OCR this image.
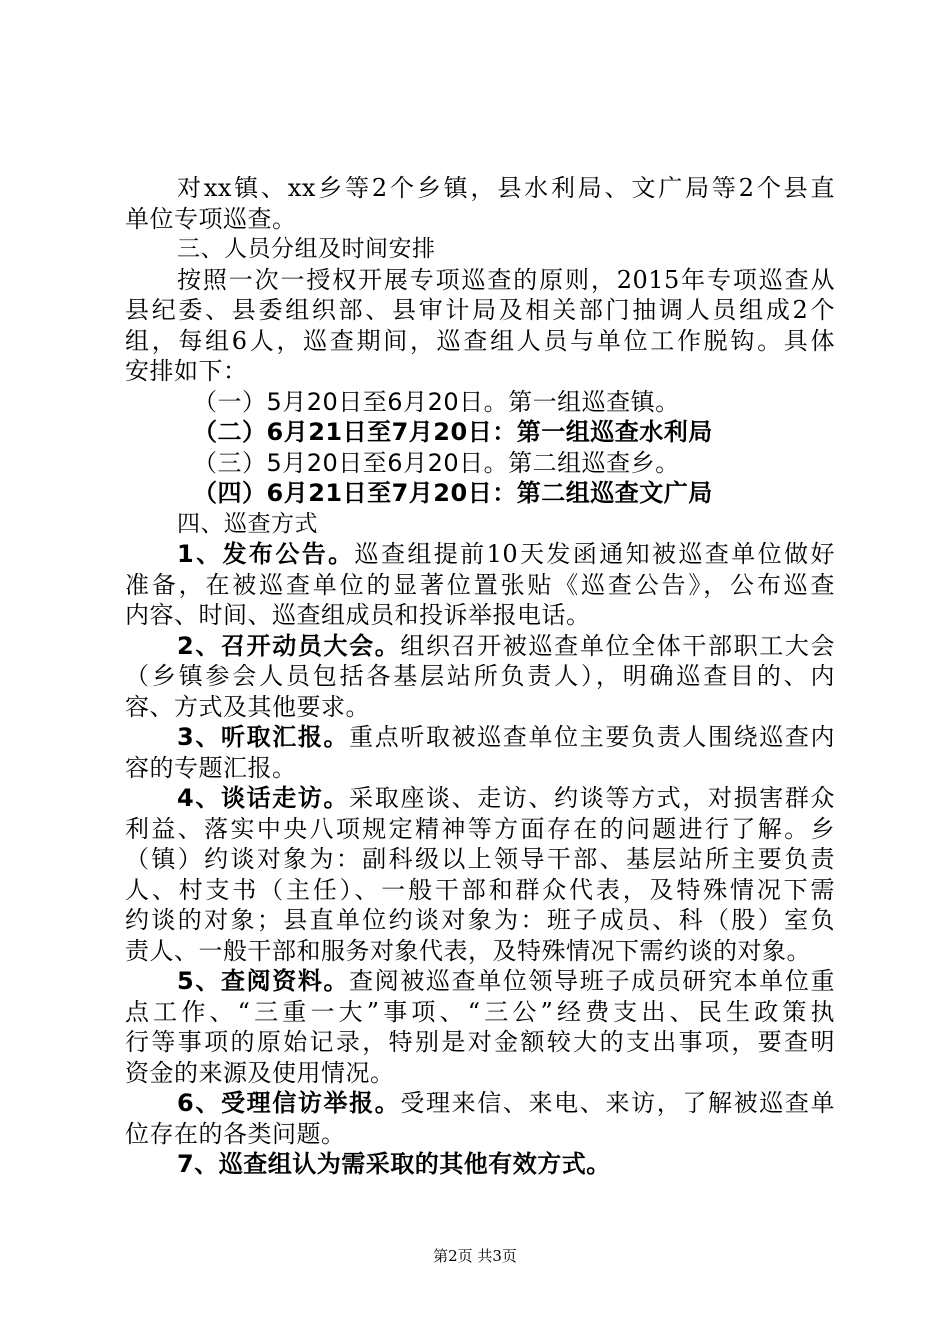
对xx镇、xx乡等2个乡镇，县水利局、文广局等2个县直
单位专项巡查。
三、人员分组及时间安排
按照一次一授权开展专项巡查的原则，2015年专项巡查从
县纪委、县委组织部、县审计局及相关部门抽调人员组成2个
组，每组6人，巡查期间，巡查组人员与单位工作脱钩。具体
安排如下：
（一）5月20日至6月20日。第一组巡查镇。
（二）6月21日至7月20日：第一组巡查水利局
（三）5月20日至6月20日。第二组巡查乡。
（四）6月21日至7月20日：第二组巡查文广局
四、巡查方式
1、发布公告。巡查组提前10天发函通知被巡查单位做好
准备，在被巡查单位的显著位置张贴《巡查公告》，公布巡查
内容、时间、巡查组成员和投诉举报电话。
2、召开动员大会。组织召开被巡查单位全体干部职工大会
（乡镇参会人员包括各基层站所负责人），明确巡查目的、内
容、方式及其他要求。
3、听取汇报。重点听取被巡查单位主要负责人围绕巡查内
容的专题汇报。
4、谈话走访。采取座谈、走访、约谈等方式，对损害群众
利益、落实中央八项规定精神等方面存在的问题进行了解。乡
（镇）约谈对象为：副科级以上领导干部、基层站所主要负责
人、村支书（主任）、一般干部和群众代表，及特殊情况下需
约谈的对象；县直单位约谈对象为：班子成员、科（股）室负
责人、一般干部和服务对象代表，及特殊情况下需约谈的对象。
5、查阅资料。查阅被巡查单位领导班子成员研究本单位重
点工作、“三重一大”事项、“三公”经费支出、民生政策执
行等事项的原始记录，特别是对金额较大的支出事项，要查明
资金的来源及使用情况。
6、受理信访举报。受理来信、来电、来访，了解被巡查单
位存在的各类问题。
7、巡查组认为需采取的其他有效方式。
第2页 共3页
